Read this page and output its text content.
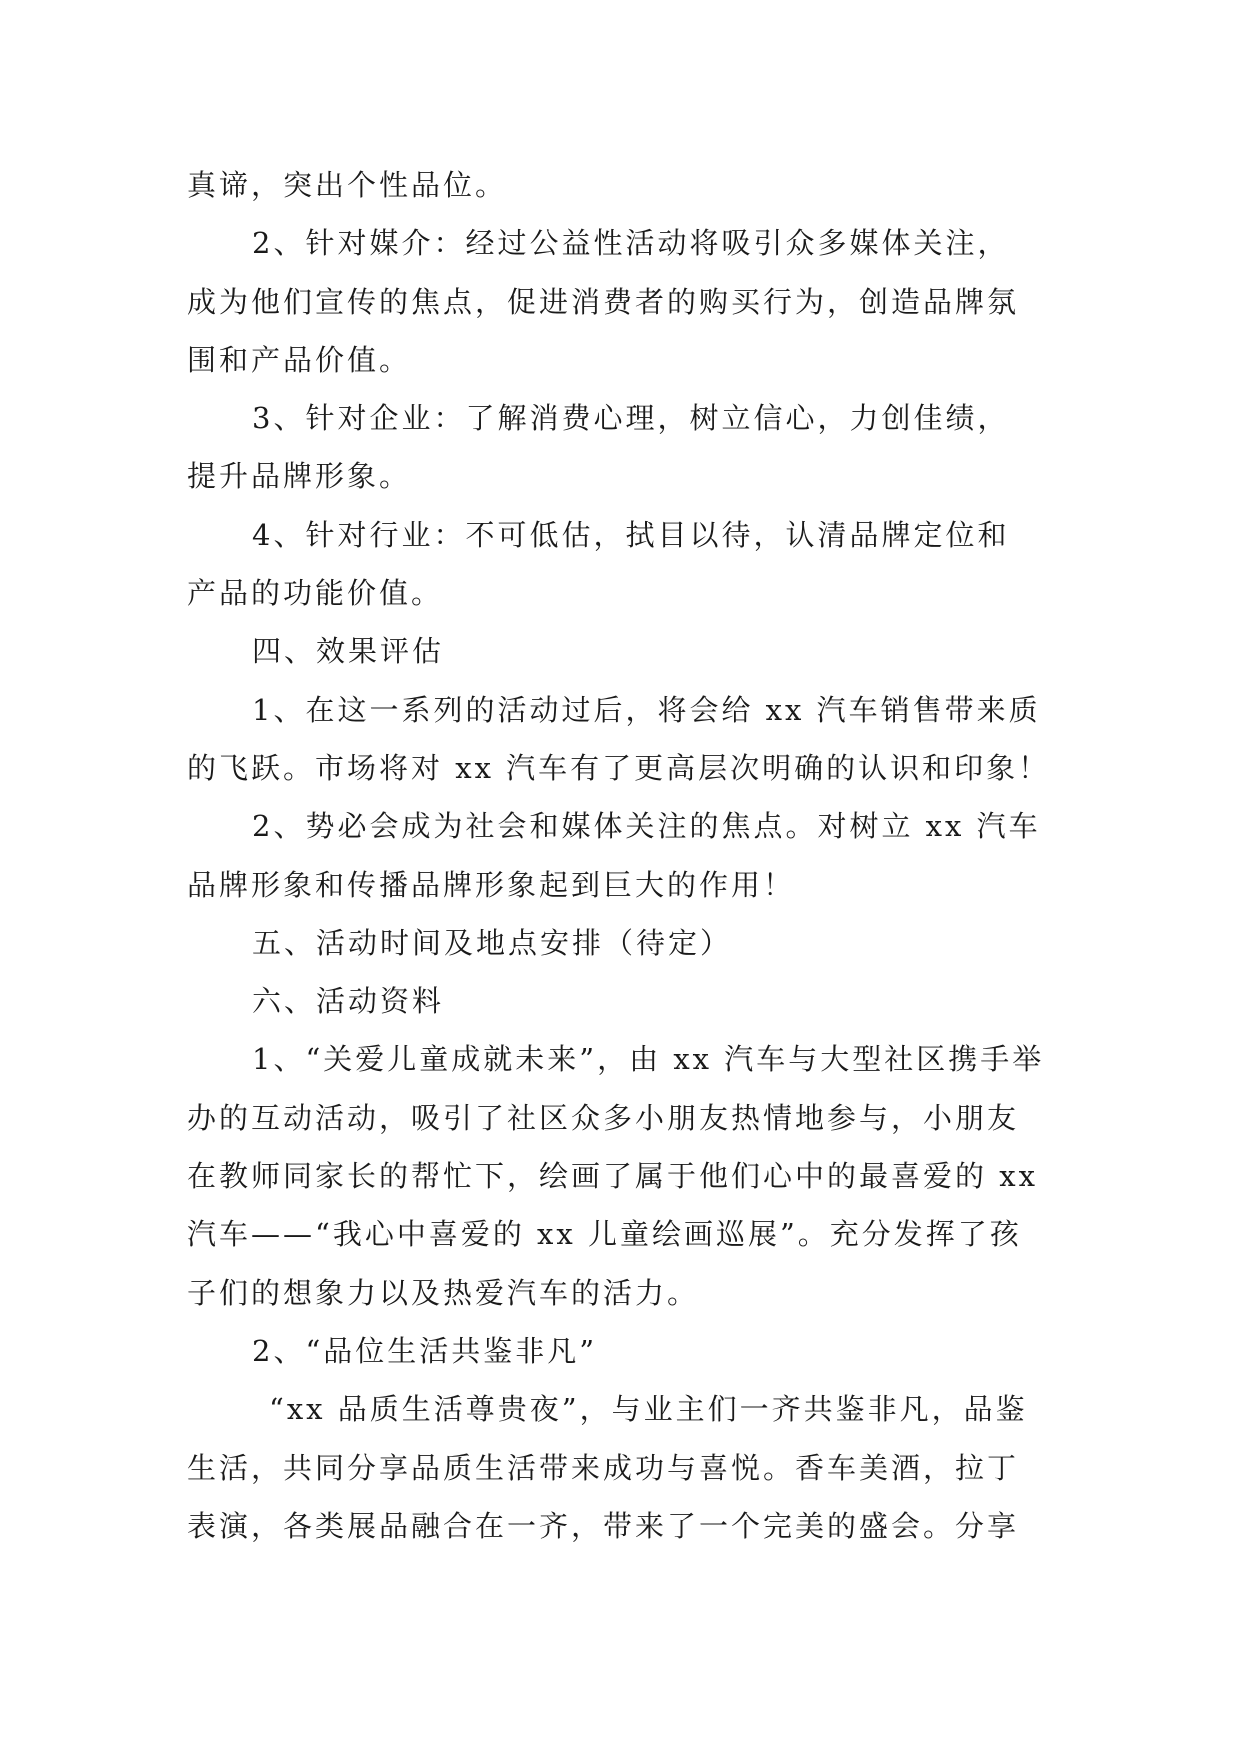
真谛，突出个性品位。
2、针对媒介：经过公益性活动将吸引众多媒体关注，
成为他们宣传的焦点，促进消费者的购买行为，创造品牌氛
围和产品价值。
3、针对企业：了解消费心理，树立信心，力创佳绩，
提升品牌形象。
4、针对行业：不可低估，拭目以待，认清品牌定位和
产品的功能价值。
四、效果评估
1、在这一系列的活动过后，将会给 xx 汽车销售带来质
的飞跃。市场将对 xx 汽车有了更高层次明确的认识和印象！
2、势必会成为社会和媒体关注的焦点。对树立 xx 汽车
品牌形象和传播品牌形象起到巨大的作用！
五、活动时间及地点安排（待定）
六、活动资料
1、“关爱儿童成就未来”，由 xx 汽车与大型社区携手举
办的互动活动，吸引了社区众多小朋友热情地参与，小朋友
在教师同家长的帮忙下，绘画了属于他们心中的最喜爱的 xx
汽车——“我心中喜爱的 xx 儿童绘画巡展”。充分发挥了孩
子们的想象力以及热爱汽车的活力。
2、“品位生活共鉴非凡”
“xx 品质生活尊贵夜”，与业主们一齐共鉴非凡，品鉴
生活，共同分享品质生活带来成功与喜悦。香车美酒，拉丁
表演，各类展品融合在一齐，带来了一个完美的盛会。分享
